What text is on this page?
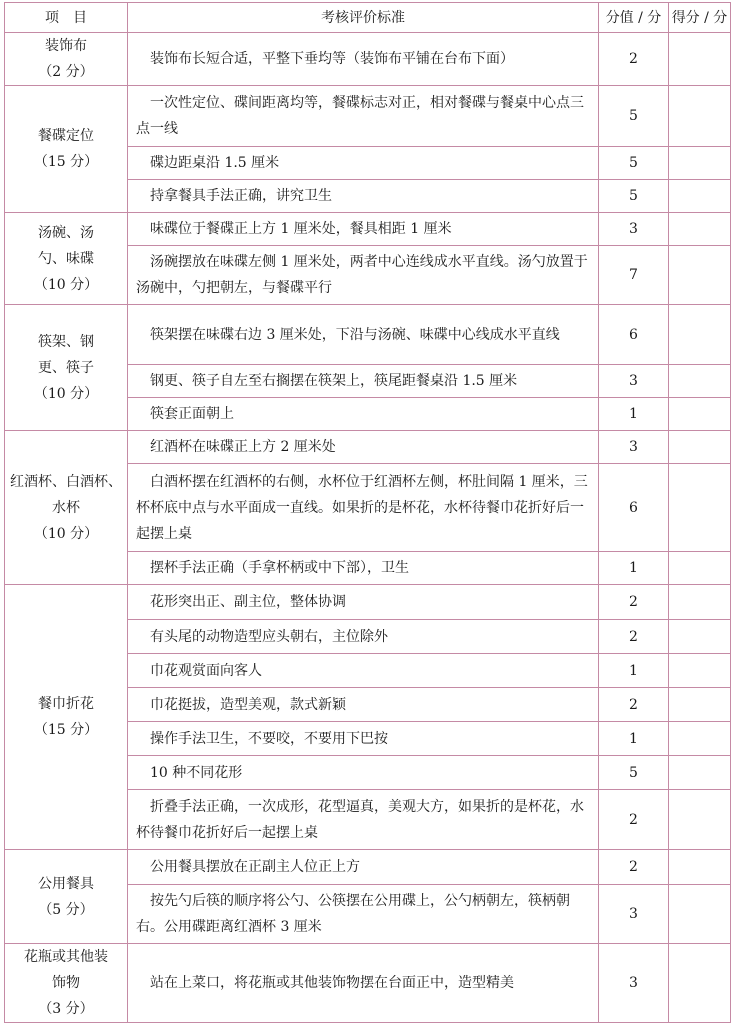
项　目	考核评价标准	分值 / 分	得分 / 分

装饰布
（2 分）	装饰布长短合适，平整下垂均等（装饰布平铺在台布下面）	2	

餐碟定位
（15 分）	一次性定位、碟间距离均等，餐碟标志对正，相对餐碟与餐桌中心点三点一线	5	
	碟边距桌沿 1.5 厘米	5	
	持拿餐具手法正确，讲究卫生	5	

汤碗、汤勺、味碟
（10 分）	味碟位于餐碟正上方 1 厘米处，餐具相距 1 厘米	3	
	汤碗摆放在味碟左侧 1 厘米处，两者中心连线成水平直线。汤勺放置于汤碗中，勺把朝左，与餐碟平行	7	

筷架、钢更、筷子
（10 分）	筷架摆在味碟右边 3 厘米处，下沿与汤碗、味碟中心线成水平直线	6	
	钢更、筷子自左至右搁摆在筷架上，筷尾距餐桌沿 1.5 厘米	3	
	筷套正面朝上	1	

红酒杯、白酒杯、水杯
（10 分）	红酒杯在味碟正上方 2 厘米处	3	
	白酒杯摆在红酒杯的右侧，水杯位于红酒杯左侧，杯肚间隔 1 厘米，三杯杯底中点与水平面成一直线。如果折的是杯花，水杯待餐巾花折好后一起摆上桌	6	
	摆杯手法正确（手拿杯柄或中下部），卫生	1	

餐巾折花
（15 分）	花形突出正、副主位，整体协调	2	
	有头尾的动物造型应头朝右，主位除外	2	
	巾花观赏面向客人	1	
	巾花挺拔，造型美观，款式新颖	2	
	操作手法卫生，不要咬，不要用下巴按	1	
	10 种不同花形	5	
	折叠手法正确，一次成形，花型逼真，美观大方，如果折的是杯花，水杯待餐巾花折好后一起摆上桌	2	

公用餐具
（5 分）	公用餐具摆放在正副主人位正上方	2	
	按先勺后筷的顺序将公勺、公筷摆在公用碟上，公勺柄朝左，筷柄朝右。公用碟距离红酒杯 3 厘米	3	

花瓶或其他装饰物
（3 分）	站在上菜口，将花瓶或其他装饰物摆在台面正中，造型精美	3	
